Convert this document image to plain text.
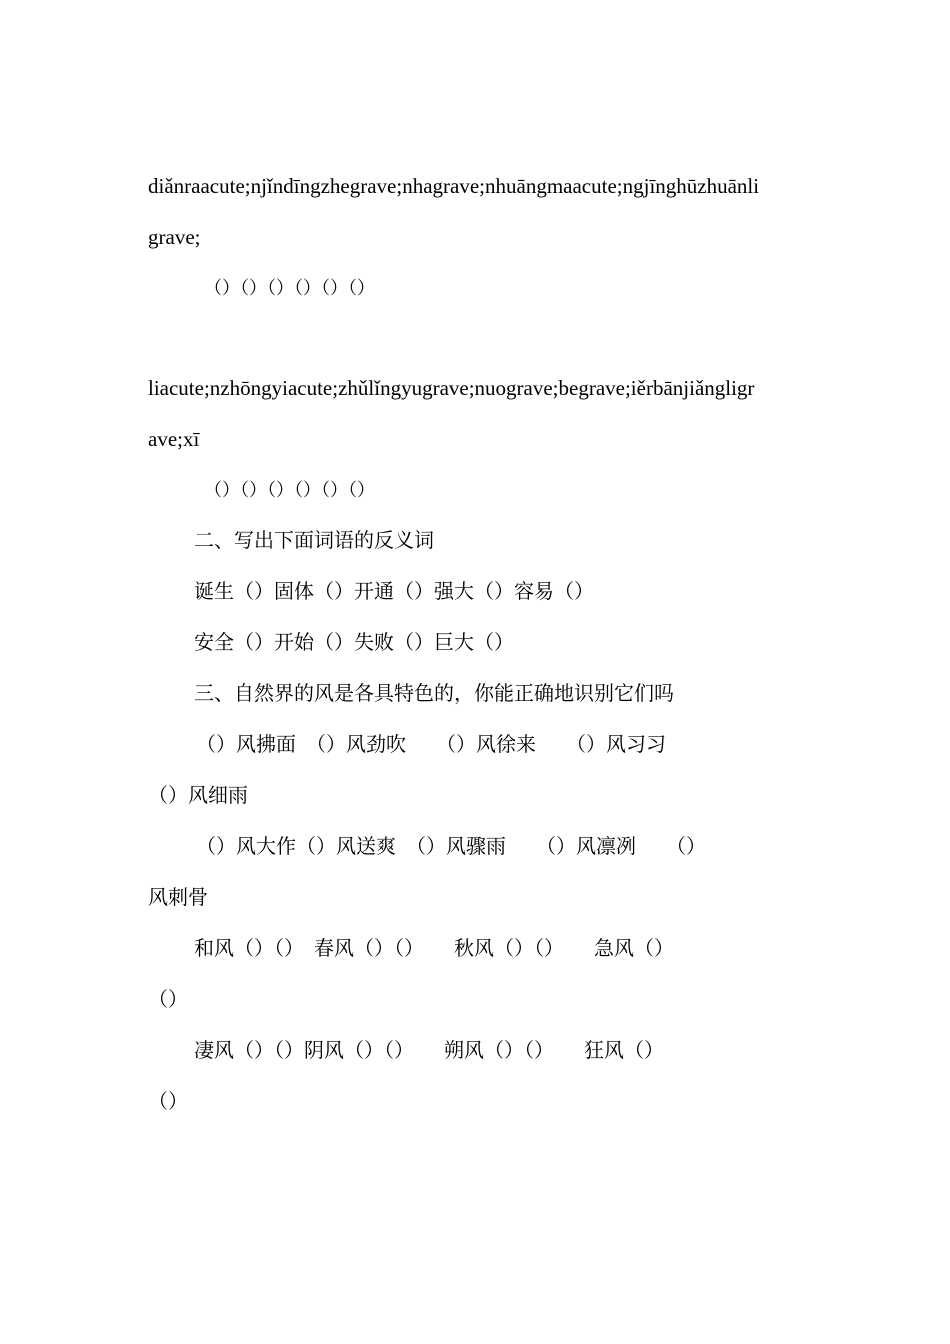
diǎnraacute;njǐndīngzhegrave;nhagrave;nhuāngmaacute;ngjīnghūzhuānli
grave;
（）（）（）（）（）（）
liacute;nzhōngyiacute;zhǔlǐngyugrave;nuograve;begrave;iěrbānjiǎngligr
ave;xī
（）（）（）（）（）（）
二、写出下面词语的反义词
诞生（）固体（）开通（）强大（）容易（）
安全（）开始（）失败（）巨大（）
三、自然界的风是各具特色的，你能正确地识别它们吗
（）风拂面　（）风劲吹　　（）风徐来　　（）风习习
（）风细雨
（）风大作（）风送爽　（）风骤雨　　（）风凛冽　　（）
风刺骨
和风（）（）　春风（）（）　　秋风（）（）　　急风（）
（）
凄风（）（）阴风（）（）　　朔风（）（）　　狂风（）
（）
